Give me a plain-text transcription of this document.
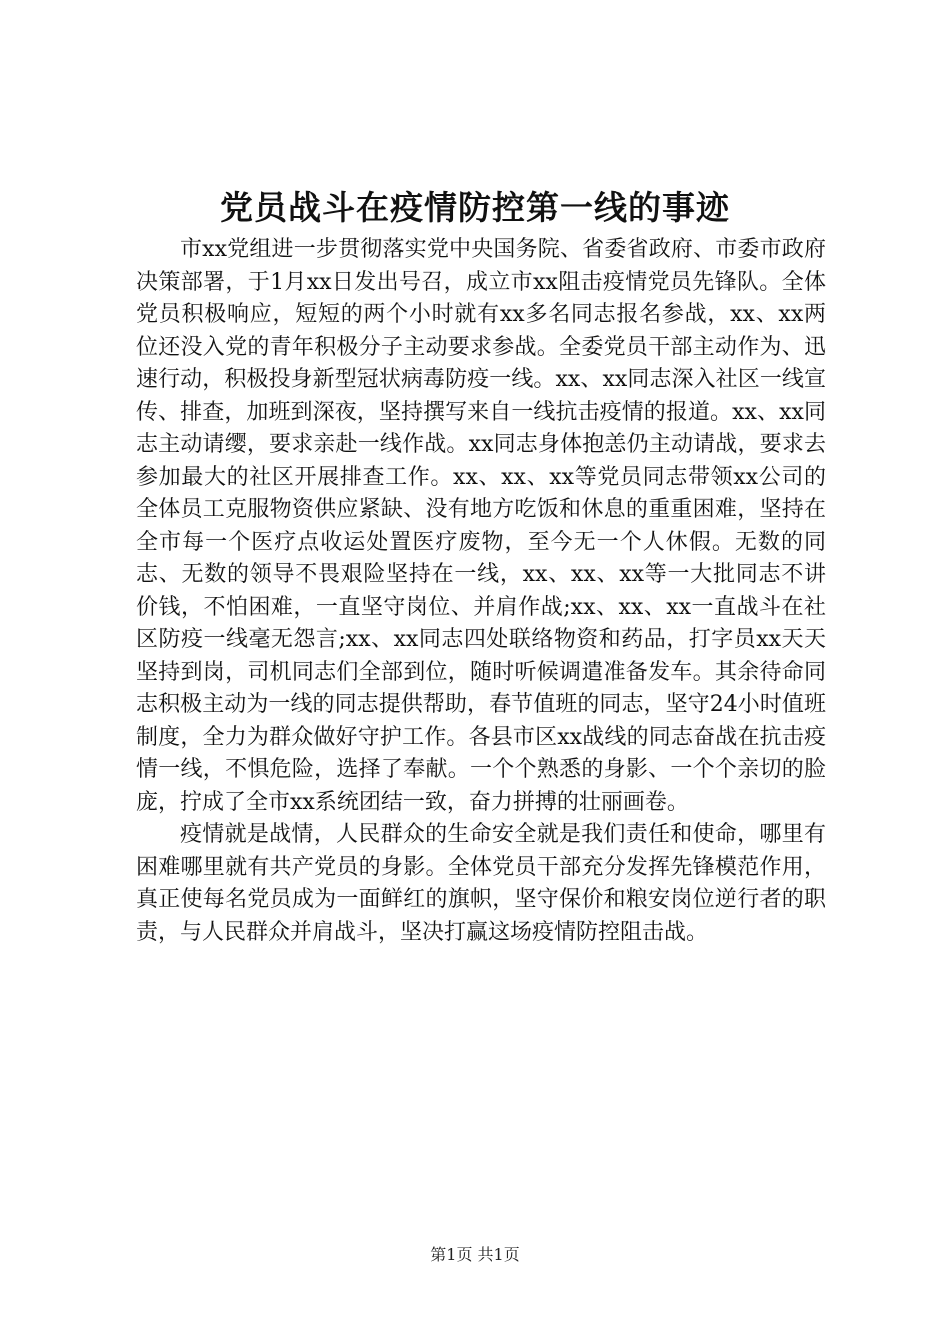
党员战斗在疫情防控第一线的事迹

市xx党组进一步贯彻落实党中央国务院、省委省政府、市委市政府决策部署，于1月xx日发出号召，成立市xx阻击疫情党员先锋队。全体党员积极响应，短短的两个小时就有xx多名同志报名参战，xx、xx两位还没入党的青年积极分子主动要求参战。全委党员干部主动作为、迅速行动，积极投身新型冠状病毒防疫一线。xx、xx同志深入社区一线宣传、排查，加班到深夜，坚持撰写来自一线抗击疫情的报道。xx、xx同志主动请缨，要求亲赴一线作战。xx同志身体抱恙仍主动请战，要求去参加最大的社区开展排查工作。xx、xx、xx等党员同志带领xx公司的全体员工克服物资供应紧缺、没有地方吃饭和休息的重重困难，坚持在全市每一个医疗点收运处置医疗废物，至今无一个人休假。无数的同志、无数的领导不畏艰险坚持在一线，xx、xx、xx等一大批同志不讲价钱，不怕困难，一直坚守岗位、并肩作战;xx、xx、xx一直战斗在社区防疫一线毫无怨言;xx、xx同志四处联络物资和药品，打字员xx天天坚持到岗，司机同志们全部到位，随时听候调遣准备发车。其余待命同志积极主动为一线的同志提供帮助，春节值班的同志，坚守24小时值班制度，全力为群众做好守护工作。各县市区xx战线的同志奋战在抗击疫情一线，不惧危险，选择了奉献。一个个熟悉的身影、一个个亲切的脸庞，拧成了全市xx系统团结一致，奋力拼搏的壮丽画卷。

疫情就是战情，人民群众的生命安全就是我们责任和使命，哪里有困难哪里就有共产党员的身影。全体党员干部充分发挥先锋模范作用，真正使每名党员成为一面鲜红的旗帜，坚守保价和粮安岗位逆行者的职责，与人民群众并肩战斗，坚决打赢这场疫情防控阻击战。

第1页 共1页
